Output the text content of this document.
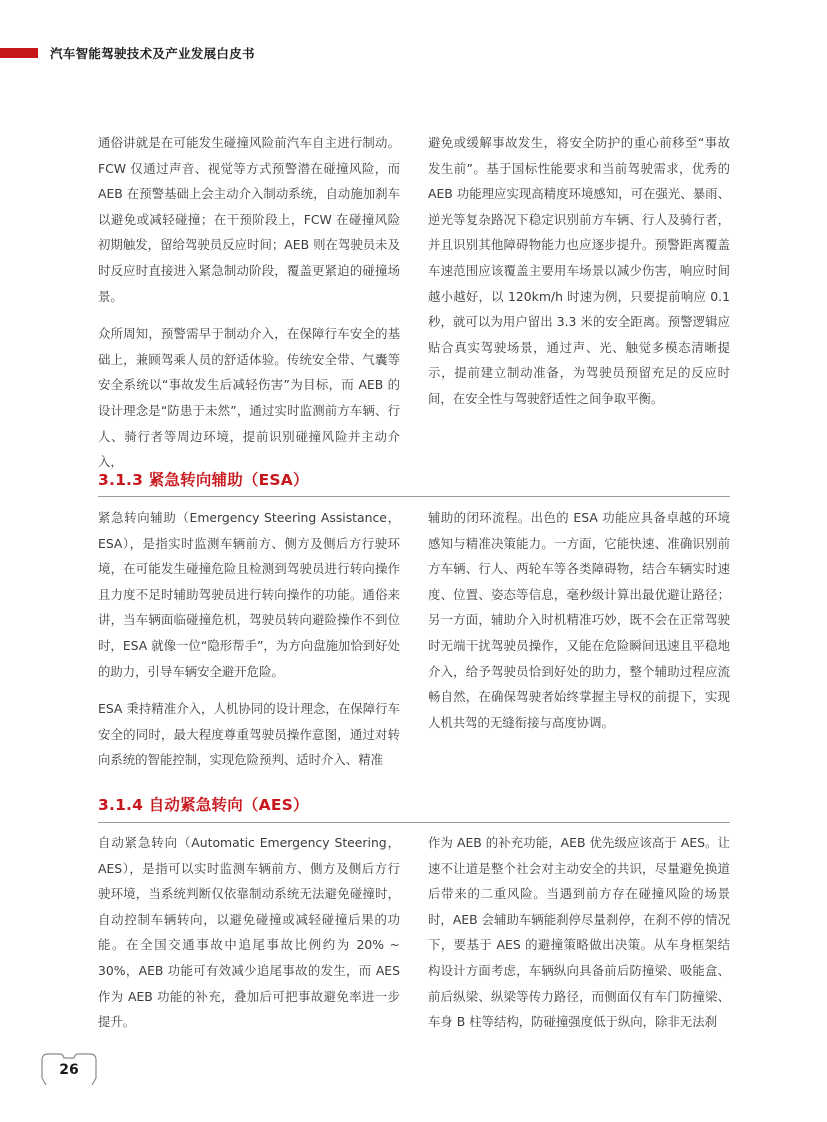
汽车智能驾驶技术及产业发展白皮书

通俗讲就是在可能发生碰撞风险前汽车自主进行制动。FCW 仅通过声音、视觉等方式预警潜在碰撞风险，而 AEB 在预警基础上会主动介入制动系统，自动施加刹车以避免或减轻碰撞；在干预阶段上，FCW 在碰撞风险初期触发，留给驾驶员反应时间；AEB 则在驾驶员未及时反应时直接进入紧急制动阶段，覆盖更紧迫的碰撞场景。

众所周知，预警需早于制动介入，在保障行车安全的基础上，兼顾驾乘人员的舒适体验。传统安全带、气囊等安全系统以“事故发生后减轻伤害”为目标，而 AEB 的设计理念是“防患于未然”，通过实时监测前方车辆、行人、骑行者等周边环境，提前识别碰撞风险并主动介入，

避免或缓解事故发生，将安全防护的重心前移至“事故发生前”。基于国标性能要求和当前驾驶需求，优秀的 AEB 功能理应实现高精度环境感知，可在强光、暴雨、逆光等复杂路况下稳定识别前方车辆、行人及骑行者，并且识别其他障碍物能力也应逐步提升。预警距离覆盖车速范围应该覆盖主要用车场景以减少伤害，响应时间越小越好，以 120km/h 时速为例，只要提前响应 0.1 秒，就可以为用户留出 3.3 米的安全距离。预警逻辑应贴合真实驾驶场景，通过声、光、触觉多模态清晰提示，提前建立制动准备，为驾驶员预留充足的反应时间，在安全性与驾驶舒适性之间争取平衡。

3.1.3 紧急转向辅助（ESA）

紧急转向辅助（Emergency Steering Assistance，ESA），是指实时监测车辆前方、侧方及侧后方行驶环境，在可能发生碰撞危险且检测到驾驶员进行转向操作且力度不足时辅助驾驶员进行转向操作的功能。通俗来讲，当车辆面临碰撞危机，驾驶员转向避险操作不到位时，ESA 就像一位“隐形帮手”，为方向盘施加恰到好处的助力，引导车辆安全避开危险。

ESA 秉持精准介入，人机协同的设计理念，在保障行车安全的同时，最大程度尊重驾驶员操作意图，通过对转向系统的智能控制，实现危险预判、适时介入、精准

辅助的闭环流程。出色的 ESA 功能应具备卓越的环境感知与精准决策能力。一方面，它能快速、准确识别前方车辆、行人、两轮车等各类障碍物，结合车辆实时速度、位置、姿态等信息，毫秒级计算出最优避让路径；另一方面，辅助介入时机精准巧妙，既不会在正常驾驶时无端干扰驾驶员操作，又能在危险瞬间迅速且平稳地介入，给予驾驶员恰到好处的助力，整个辅助过程应流畅自然，在确保驾驶者始终掌握主导权的前提下，实现人机共驾的无缝衔接与高度协调。

3.1.4 自动紧急转向（AES）

自动紧急转向（Automatic Emergency Steering，AES），是指可以实时监测车辆前方、侧方及侧后方行驶环境，当系统判断仅依靠制动系统无法避免碰撞时，自动控制车辆转向，以避免碰撞或减轻碰撞后果的功能。在全国交通事故中追尾事故比例约为 20% ~ 30%，AEB 功能可有效减少追尾事故的发生，而 AES 作为 AEB 功能的补充，叠加后可把事故避免率进一步提升。

作为 AEB 的补充功能，AEB 优先级应该高于 AES。让速不让道是整个社会对主动安全的共识，尽量避免换道后带来的二重风险。当遇到前方存在碰撞风险的场景时，AEB 会辅助车辆能刹停尽量刹停，在刹不停的情况下，要基于 AES 的避撞策略做出决策。从车身框架结构设计方面考虑，车辆纵向具备前后防撞梁、吸能盒、前后纵梁、纵梁等传力路径，而侧面仅有车门防撞梁、车身 B 柱等结构，防碰撞强度低于纵向，除非无法刹

26
